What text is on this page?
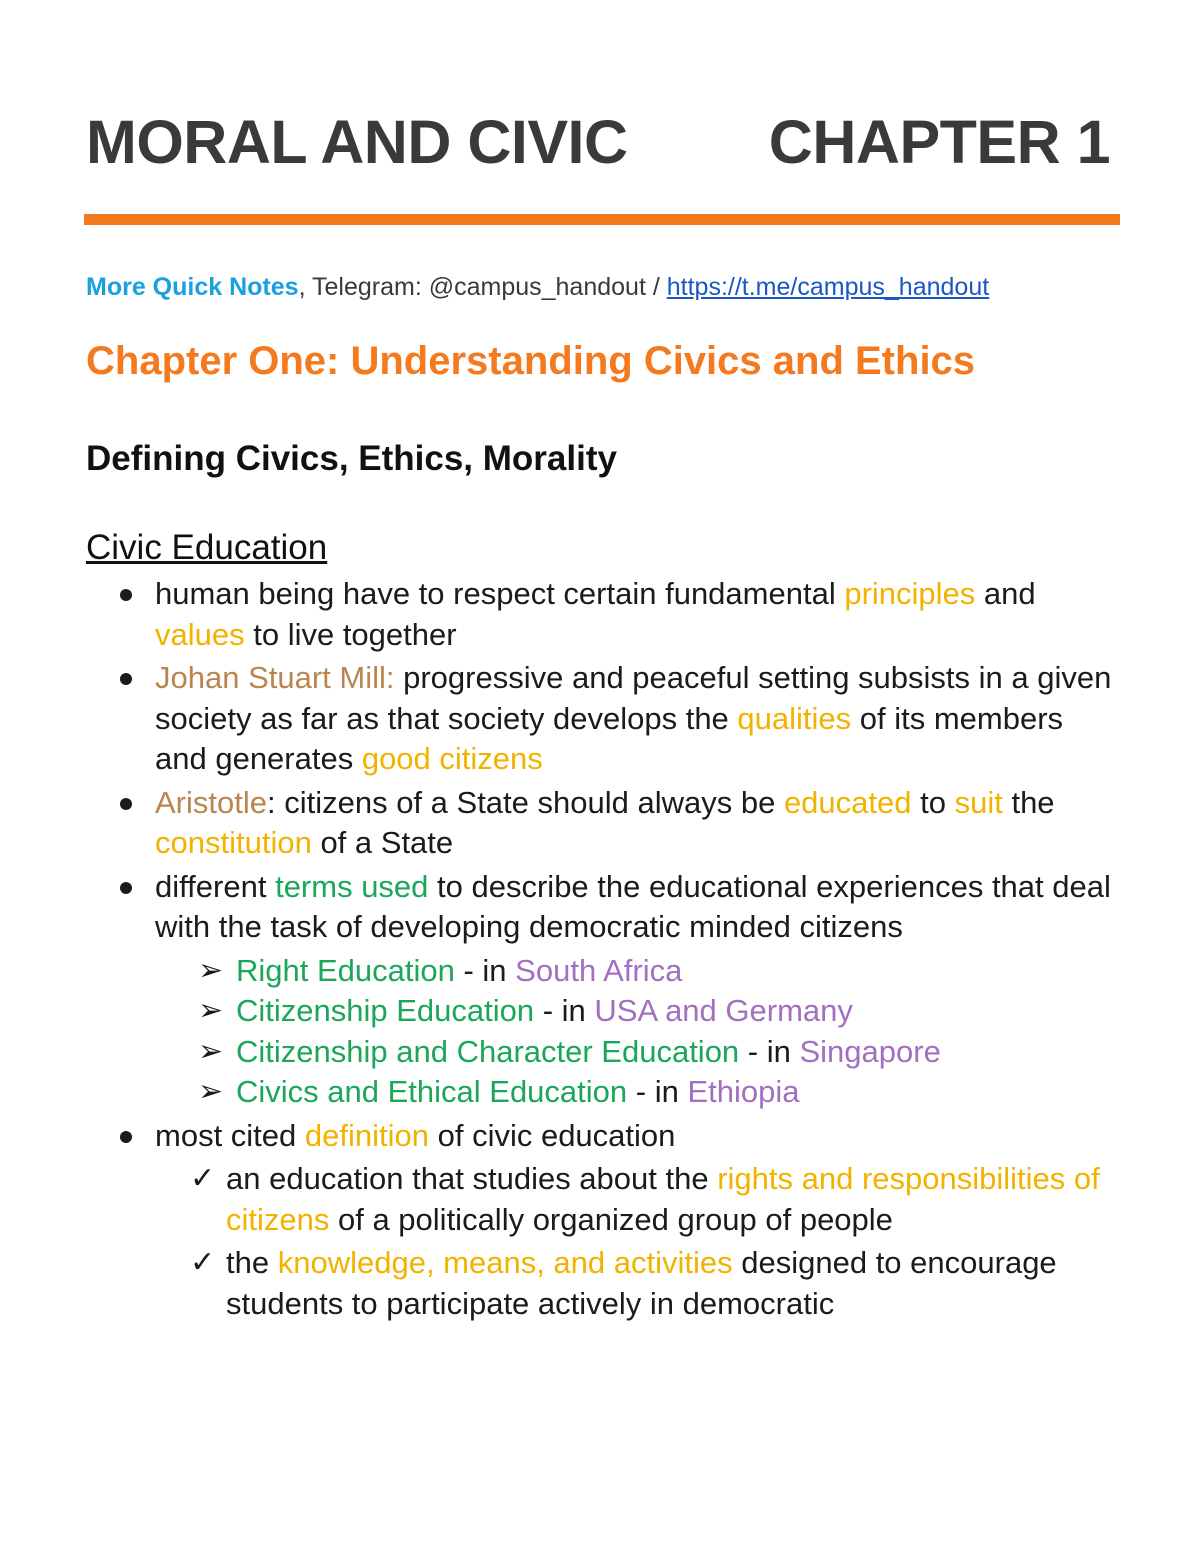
MORAL AND CIVIC CHAPTER 1
More Quick Notes, Telegram: @campus_handout / https://t.me/campus_handout
Chapter One: Understanding Civics and Ethics
Defining Civics, Ethics, Morality
Civic Education
human being have to respect certain fundamental principles and values to live together
Johan Stuart Mill: progressive and peaceful setting subsists in a given society as far as that society develops the qualities of its members and generates good citizens
Aristotle: citizens of a State should always be educated to suit the constitution of a State
different terms used to describe the educational experiences that deal with the task of developing democratic minded citizens
➢ Right Education - in South Africa
➢ Citizenship Education - in USA and Germany
➢ Citizenship and Character Education - in Singapore
➢ Civics and Ethical Education - in Ethiopia
most cited definition of civic education
✓ an education that studies about the rights and responsibilities of citizens of a politically organized group of people
✓ the knowledge, means, and activities designed to encourage students to participate actively in democratic
